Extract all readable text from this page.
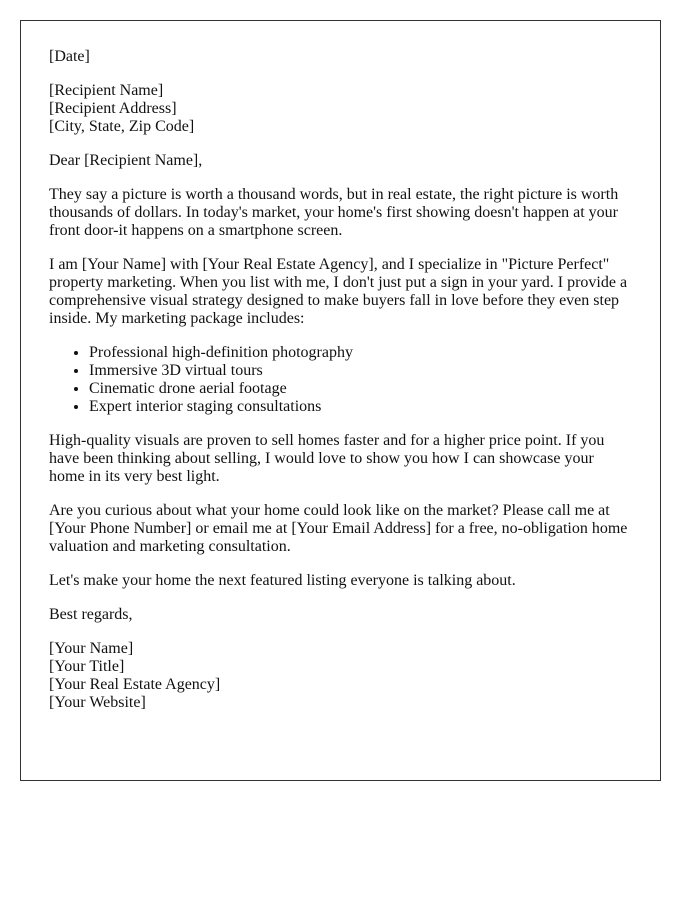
[Date]
[Recipient Name]
[Recipient Address]
[City, State, Zip Code]

Dear [Recipient Name],

They say a picture is worth a thousand words, but in real estate, the right picture is worth thousands of dollars. In today's market, your home's first showing doesn't happen at your front door-it happens on a smartphone screen.

I am [Your Name] with [Your Real Estate Agency], and I specialize in "Picture Perfect" property marketing. When you list with me, I don't just put a sign in your yard. I provide a comprehensive visual strategy designed to make buyers fall in love before they even step inside. My marketing package includes:

• Professional high-definition photography
• Immersive 3D virtual tours
• Cinematic drone aerial footage
• Expert interior staging consultations

High-quality visuals are proven to sell homes faster and for a higher price point. If you have been thinking about selling, I would love to show you how I can showcase your home in its very best light.

Are you curious about what your home could look like on the market? Please call me at [Your Phone Number] or email me at [Your Email Address] for a free, no-obligation home valuation and marketing consultation.

Let's make your home the next featured listing everyone is talking about.

Best regards,

[Your Name]
[Your Title]
[Your Real Estate Agency]
[Your Website]
